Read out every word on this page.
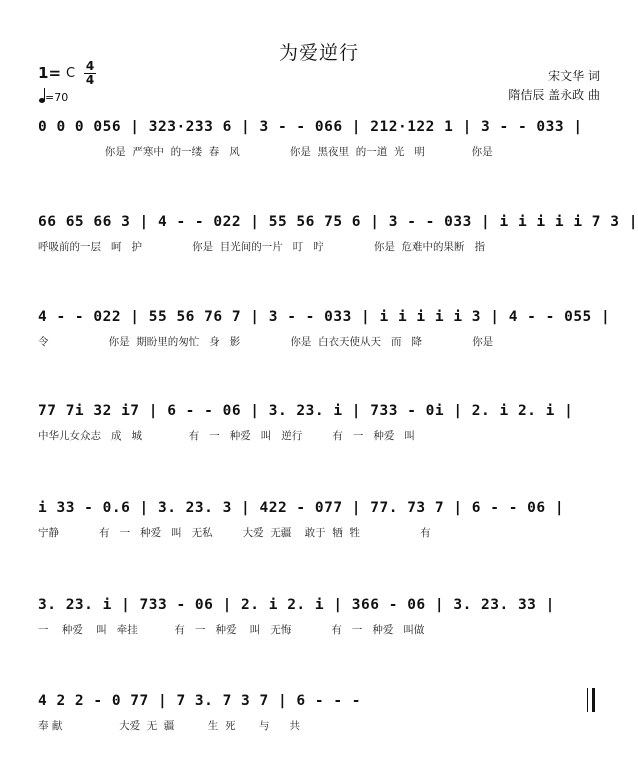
为爱逆行
1= C 4
4
=70
宋文华 词
隋佶辰 盖永政 曲
0 0 0 056 | 323·233 6 | 3 - - 066 | 212·122 1 | 3 - - 033 |
你是  严寒中  的一缕  春   风               你是  黑夜里  的一道  光   明              你是
66 65 66 3 | 4 - - 022 | 55 56 75 6 | 3 - - 033 | i i i i i 7 3 |
呼吸前的一层   呵   护               你是  目光间的一片   叮   咛               你是  危难中的果断   指
4 - - 022 | 55 56 76 7 | 3 - - 033 | i i i i i 3 | 4 - - 055 |
令                  你是  期盼里的匆忙   身   影               你是  白衣天使从天   而   降               你是
77 7i 32 i7 | 6 - - 06 | 3. 23. i | 733 - 0i | 2. i 2. i |
中华儿女众志   成   城              有   一   种爱   叫   逆行         有   一   种爱   叫
i 33 - 0.6 | 3. 23. 3 | 422 - 077 | 77. 73 7 | 6 - - 06 |
宁静            有   一   种爱   叫   无私         大爱  无疆    敢于  牺  牲                  有
3. 23. i | 733 - 06 | 2. i 2. i | 366 - 06 | 3. 23. 33 |
一    种爱    叫   牵挂           有   一   种爱    叫   无悔            有   一   种爱   叫做
4 2 2 - 0 77 | 7 3. 7 3 7 | 6 - - -
奉 献                 大爱  无  疆          生  死       与      共
